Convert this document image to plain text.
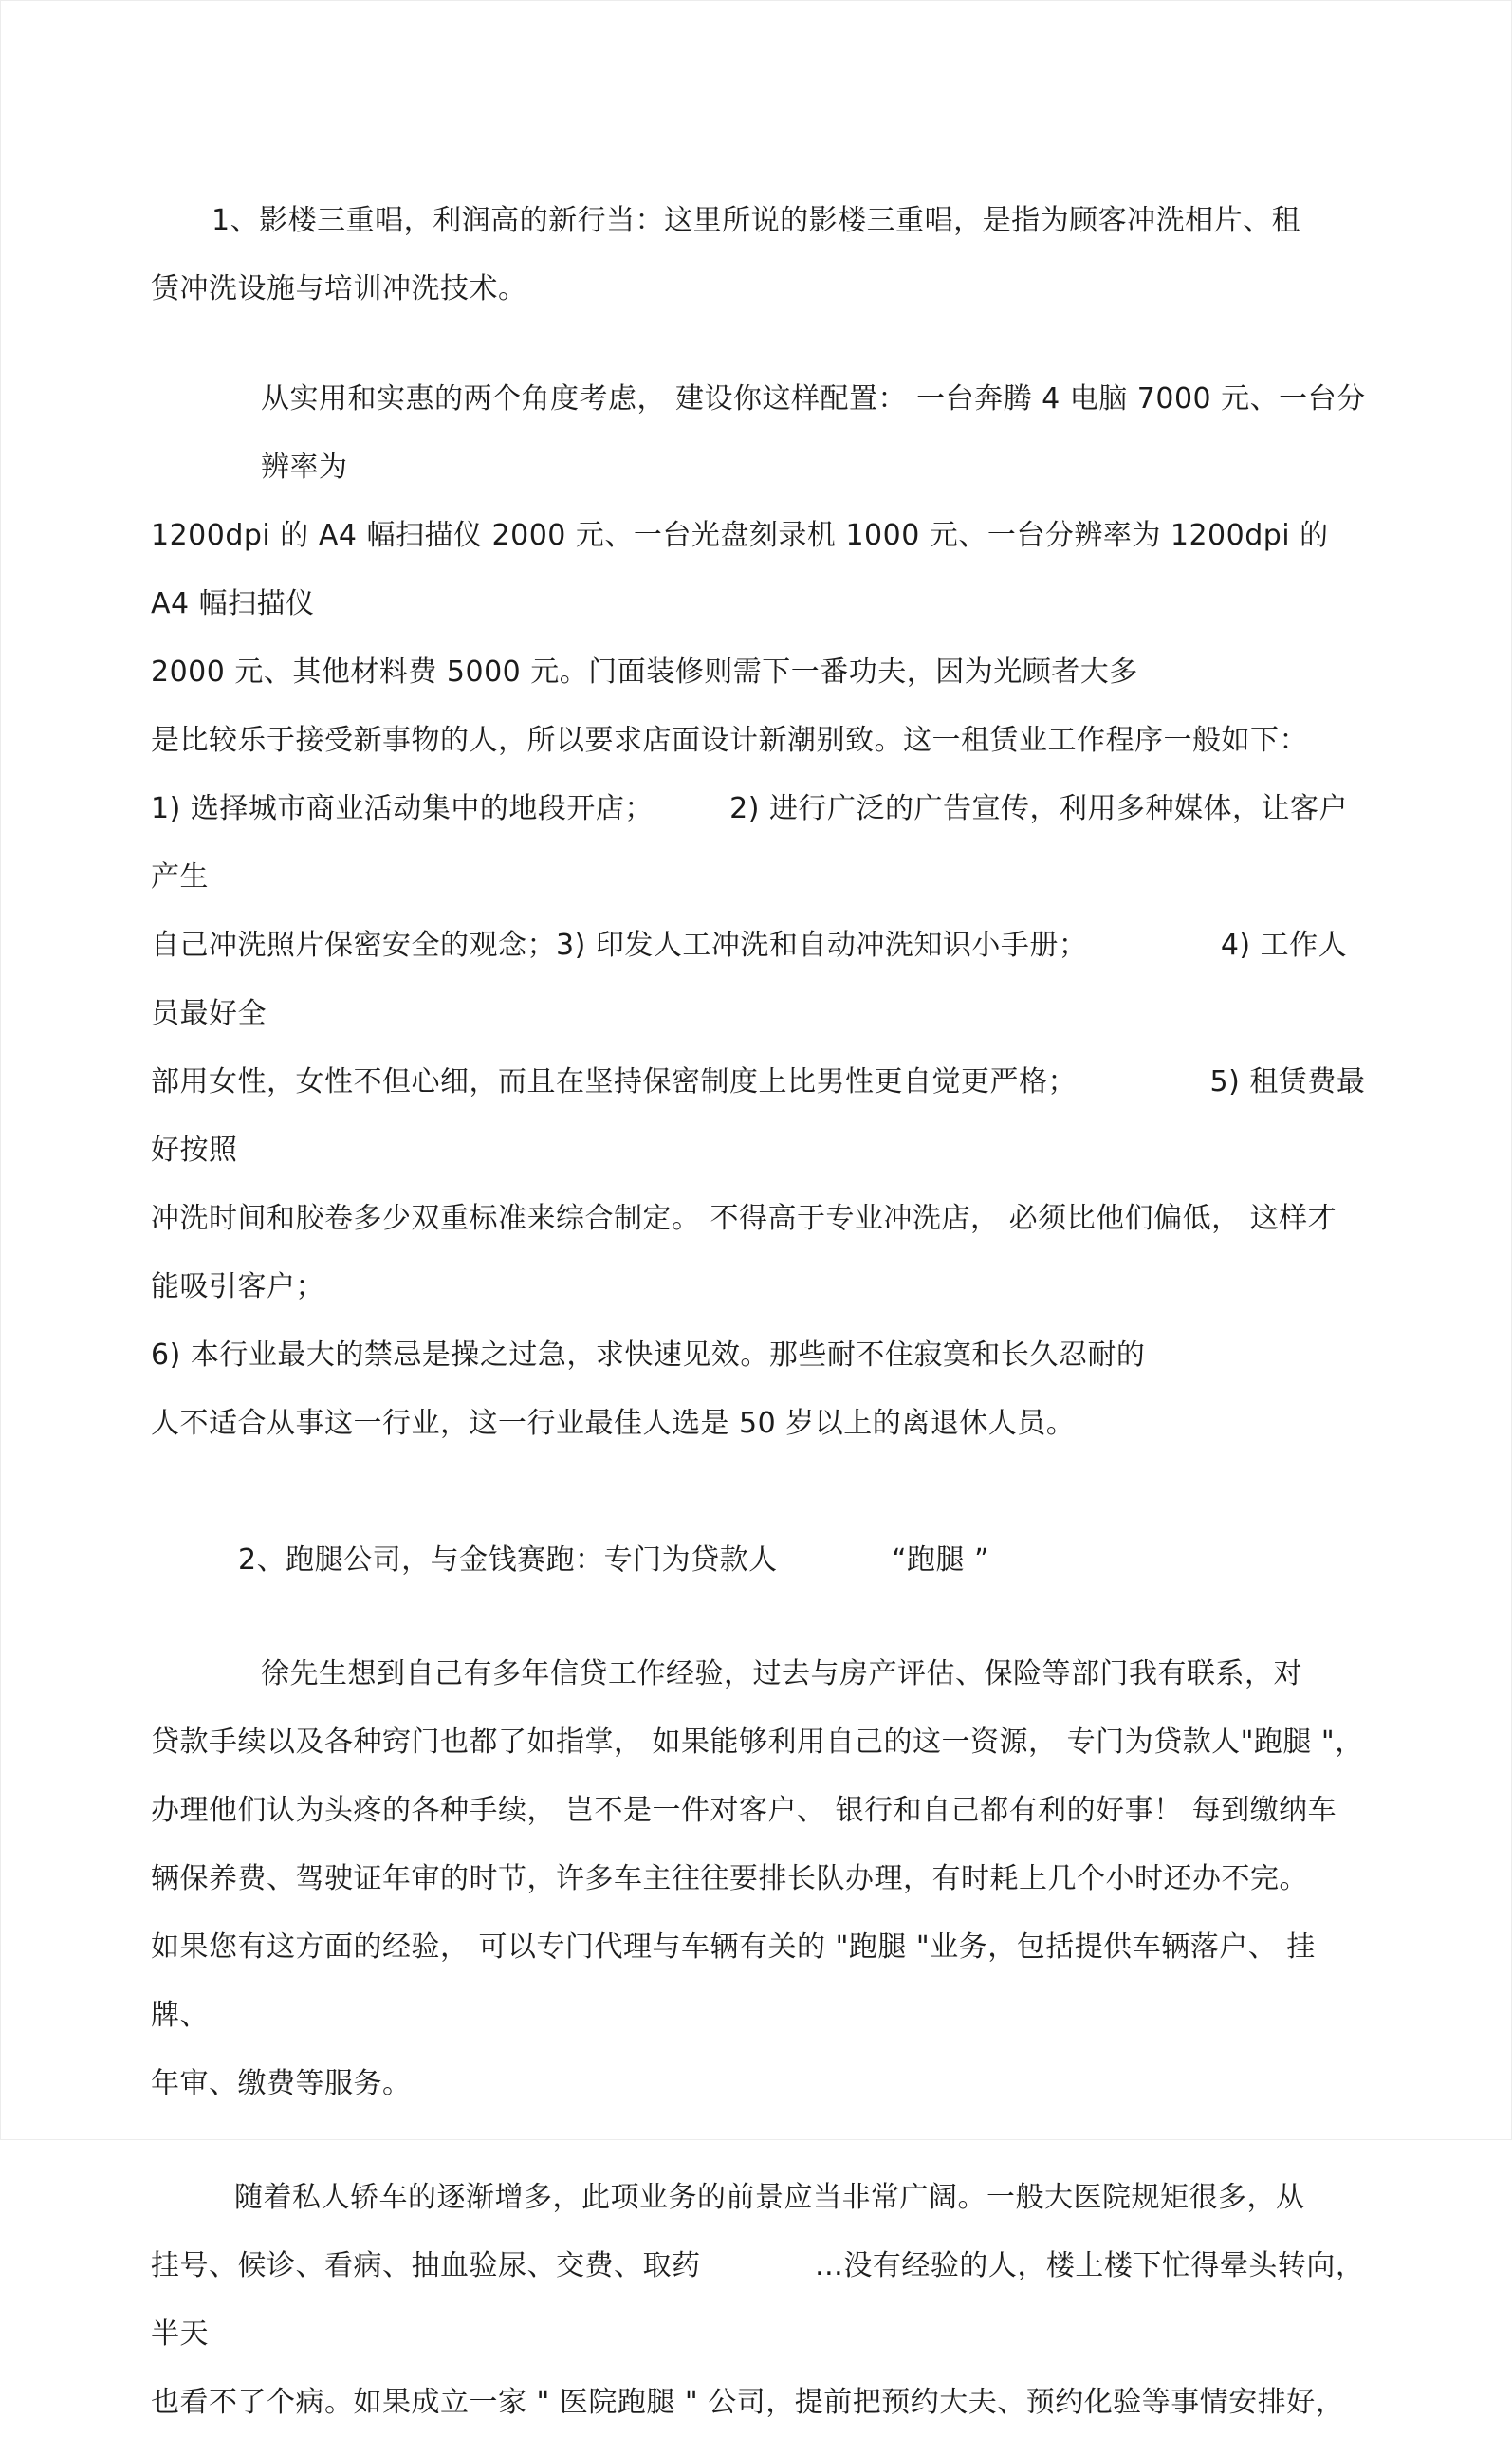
1、影楼三重唱，利润高的新行当：这里所说的影楼三重唱，是指为顾客冲洗相片、租
赁冲洗设施与培训冲洗技术。
从实用和实惠的两个角度考虑， 建设你这样配置： 一台奔腾 4 电脑 7000 元、一台分 辨率为
1200dpi 的 A4 幅扫描仪 2000 元、一台光盘刻录机 1000 元、一台分辨率为 1200dpi 的 A4 幅扫描仪
2000 元、其他材料费 5000 元。门面装修则需下一番功夫，因为光顾者大多
是比较乐于接受新事物的人，所以要求店面设计新潮别致。这一租赁业工作程序一般如下：
1) 选择城市商业活动集中的地段开店；        2) 进行广泛的广告宣传，利用多种媒体，让客户产生
自己冲洗照片保密安全的观念；3) 印发人工冲洗和自动冲洗知识小手册；              4) 工作人员最好全
部用女性，女性不但心细，而且在坚持保密制度上比男性更自觉更严格；              5) 租赁费最好按照
冲洗时间和胶卷多少双重标准来综合制定。 不得高于专业冲洗店， 必须比他们偏低， 这样才 能吸引客户；
6) 本行业最大的禁忌是操之过急，求快速见效。那些耐不住寂寞和长久忍耐的
人不适合从事这一行业，这一行业最佳人选是 50 岁以上的离退休人员。
2、跑腿公司，与金钱赛跑：专门为贷款人            “跑腿 ”
徐先生想到自己有多年信贷工作经验，过去与房产评估、保险等部门我有联系，对
贷款手续以及各种窍门也都了如指掌， 如果能够利用自己的这一资源， 专门为贷款人"跑腿 "，
办理他们认为头疼的各种手续， 岂不是一件对客户、 银行和自己都有利的好事！ 每到缴纳车
辆保养费、驾驶证年审的时节，许多车主往往要排长队办理，有时耗上几个小时还办不完。
如果您有这方面的经验， 可以专门代理与车辆有关的 "跑腿 "业务，包括提供车辆落户、 挂牌、
年审、缴费等服务。
随着私人轿车的逐渐增多，此项业务的前景应当非常广阔。一般大医院规矩很多，从
挂号、候诊、看病、抽血验尿、交费、取药            …没有经验的人，楼上楼下忙得晕头转向，半天
也看不了个病。如果成立一家 " 医院跑腿 " 公司，提前把预约大夫、预约化验等事情安排好，
